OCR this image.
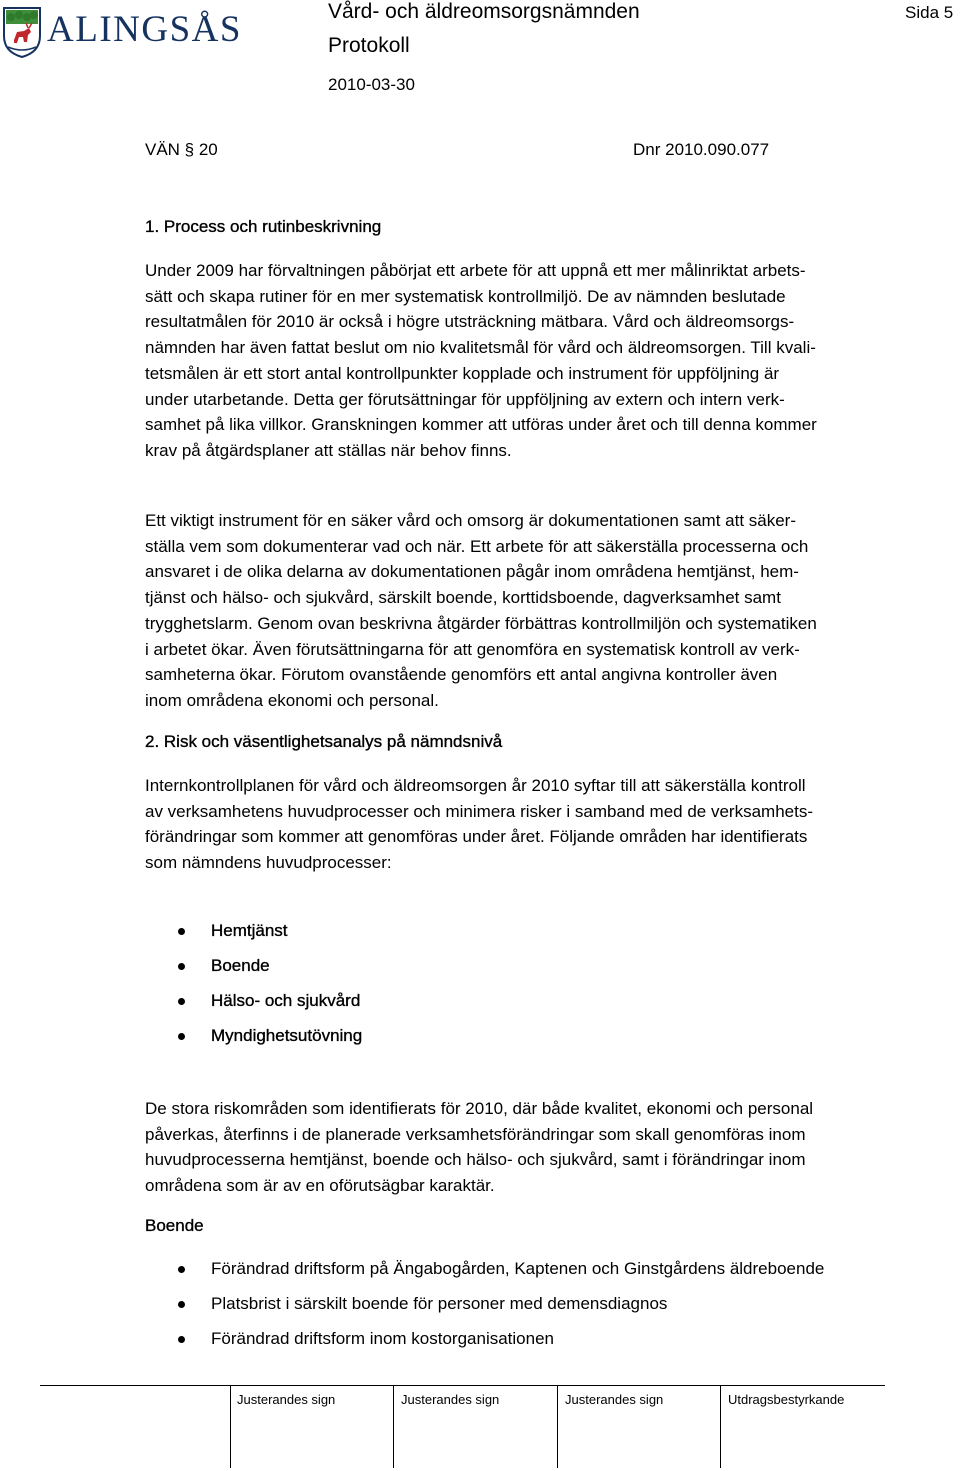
ALINGSÅS	Vård- och äldreomsorgsnämnden
Protokoll
2010-03-30
Sida 5
VÄN § 20	Dnr 2010.090.077
1. Process och rutinbeskrivning

Under 2009 har förvaltningen påbörjat ett arbete för att uppnå ett mer målinriktat arbets-
sätt och skapa rutiner för en mer systematisk kontrollmiljö. De av nämnden beslutade
resultatmålen för 2010 är också i högre utsträckning mätbara. Vård och äldreomsorgs-
nämnden har även fattat beslut om nio kvalitetsmål för vård och äldreomsorgen. Till kvali-
tetsmålen är ett stort antal kontrollpunkter kopplade och instrument för uppföljning är
under utarbetande. Detta ger förutsättningar för uppföljning av extern och intern verk-
samhet på lika villkor. Granskningen kommer att utföras under året och till denna kommer
krav på åtgärdsplaner att ställas när behov finns.

Ett viktigt instrument för en säker vård och omsorg är dokumentationen samt att säker-
ställa vem som dokumenterar vad och när. Ett arbete för att säkerställa processerna och
ansvaret i de olika delarna av dokumentationen pågår inom områdena hemtjänst, hem-
tjänst och hälso- och sjukvård, särskilt boende, korttidsboende, dagverksamhet samt
trygghetslarm. Genom ovan beskrivna åtgärder förbättras kontrollmiljön och systematiken
i arbetet ökar. Även förutsättningarna för att genomföra en systematisk kontroll av verk-
samheterna ökar. Förutom ovanstående genomförs ett antal angivna kontroller även
inom områdena ekonomi och personal.

2. Risk och väsentlighetsanalys på nämndsnivå

Internkontrollplanen för vård och äldreomsorgen år 2010 syftar till att säkerställa kontroll
av verksamhetens huvudprocesser och minimera risker i samband med de verksamhets-
förändringar som kommer att genomföras under året. Följande områden har identifierats
som nämndens huvudprocesser:

Hemtjänst
Boende
Hälso- och sjukvård
Myndighetsutövning

De stora riskområden som identifierats för 2010, där både kvalitet, ekonomi och personal
påverkas, återfinns i de planerade verksamhetsförändringar som skall genomföras inom
huvudprocesserna hemtjänst, boende och hälso- och sjukvård, samt i förändringar inom
områdena som är av en oförutsägbar karaktär.

Boende
Förändrad driftsform på Ängabogården, Kaptenen och Ginstgårdens äldreboende
Platsbrist i särskilt boende för personer med demensdiagnos
Förändrad driftsform inom kostorganisationen
Justerandes sign	Justerandes sign	Justerandes sign	Utdragsbestyrkande
